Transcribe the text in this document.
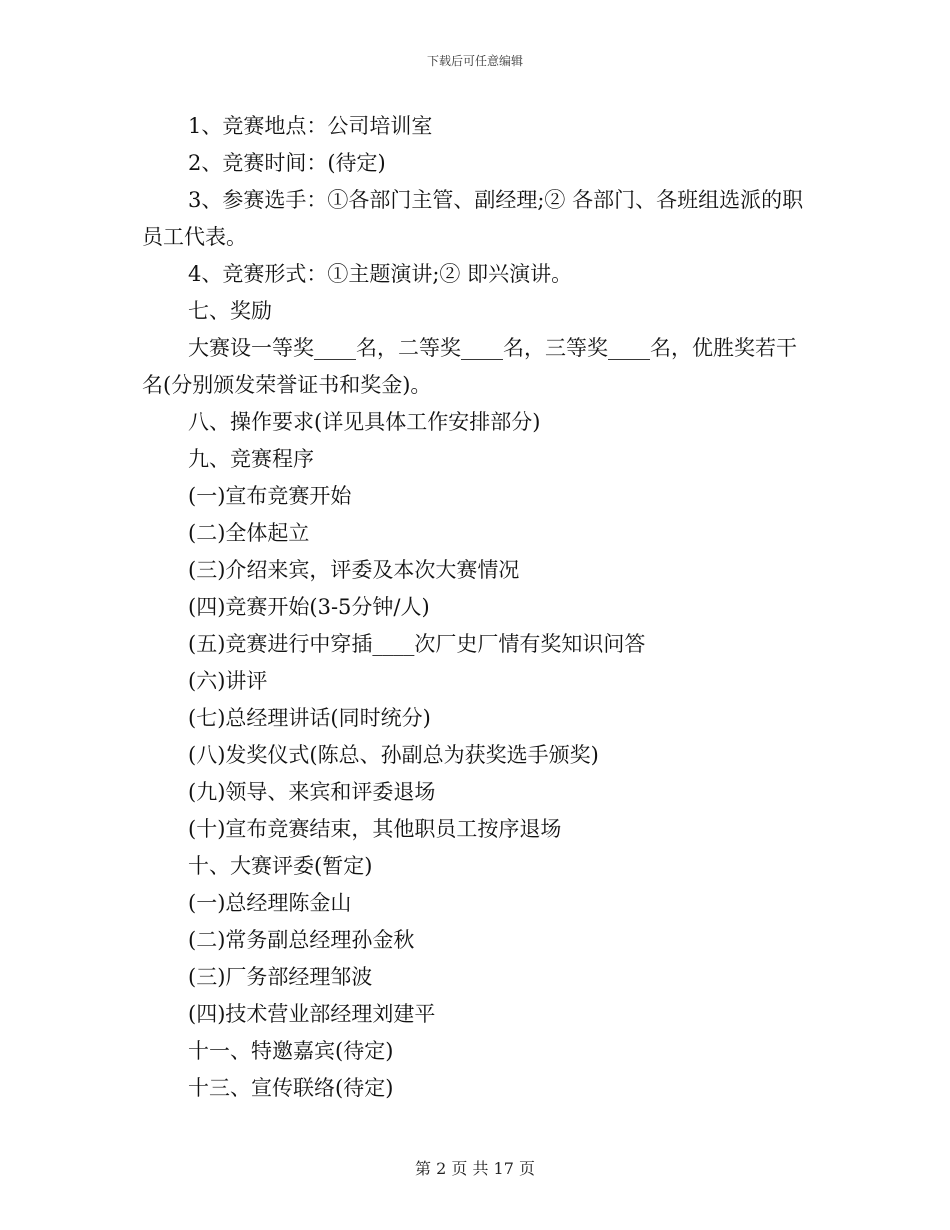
下载后可任意编辑

1、竞赛地点：公司培训室

2、竞赛时间：(待定)

3、参赛选手：①各部门主管、副经理;② 各部门、各班组选派的职员工代表。

4、竞赛形式：①主题演讲;② 即兴演讲。

七、奖励

大赛设一等奖____名，二等奖____名，三等奖____名，优胜奖若干名(分别颁发荣誉证书和奖金)。

八、操作要求(详见具体工作安排部分)

九、竞赛程序

(一)宣布竞赛开始

(二)全体起立

(三)介绍来宾，评委及本次大赛情况

(四)竞赛开始(3-5分钟/人)

(五)竞赛进行中穿插____次厂史厂情有奖知识问答

(六)讲评

(七)总经理讲话(同时统分)

(八)发奖仪式(陈总、孙副总为获奖选手颁奖)

(九)领导、来宾和评委退场

(十)宣布竞赛结束，其他职员工按序退场

十、大赛评委(暂定)

(一)总经理陈金山

(二)常务副总经理孙金秋

(三)厂务部经理邹波

(四)技术营业部经理刘建平

十一、特邀嘉宾(待定)

十三、宣传联络(待定)

第 2 页 共 17 页
